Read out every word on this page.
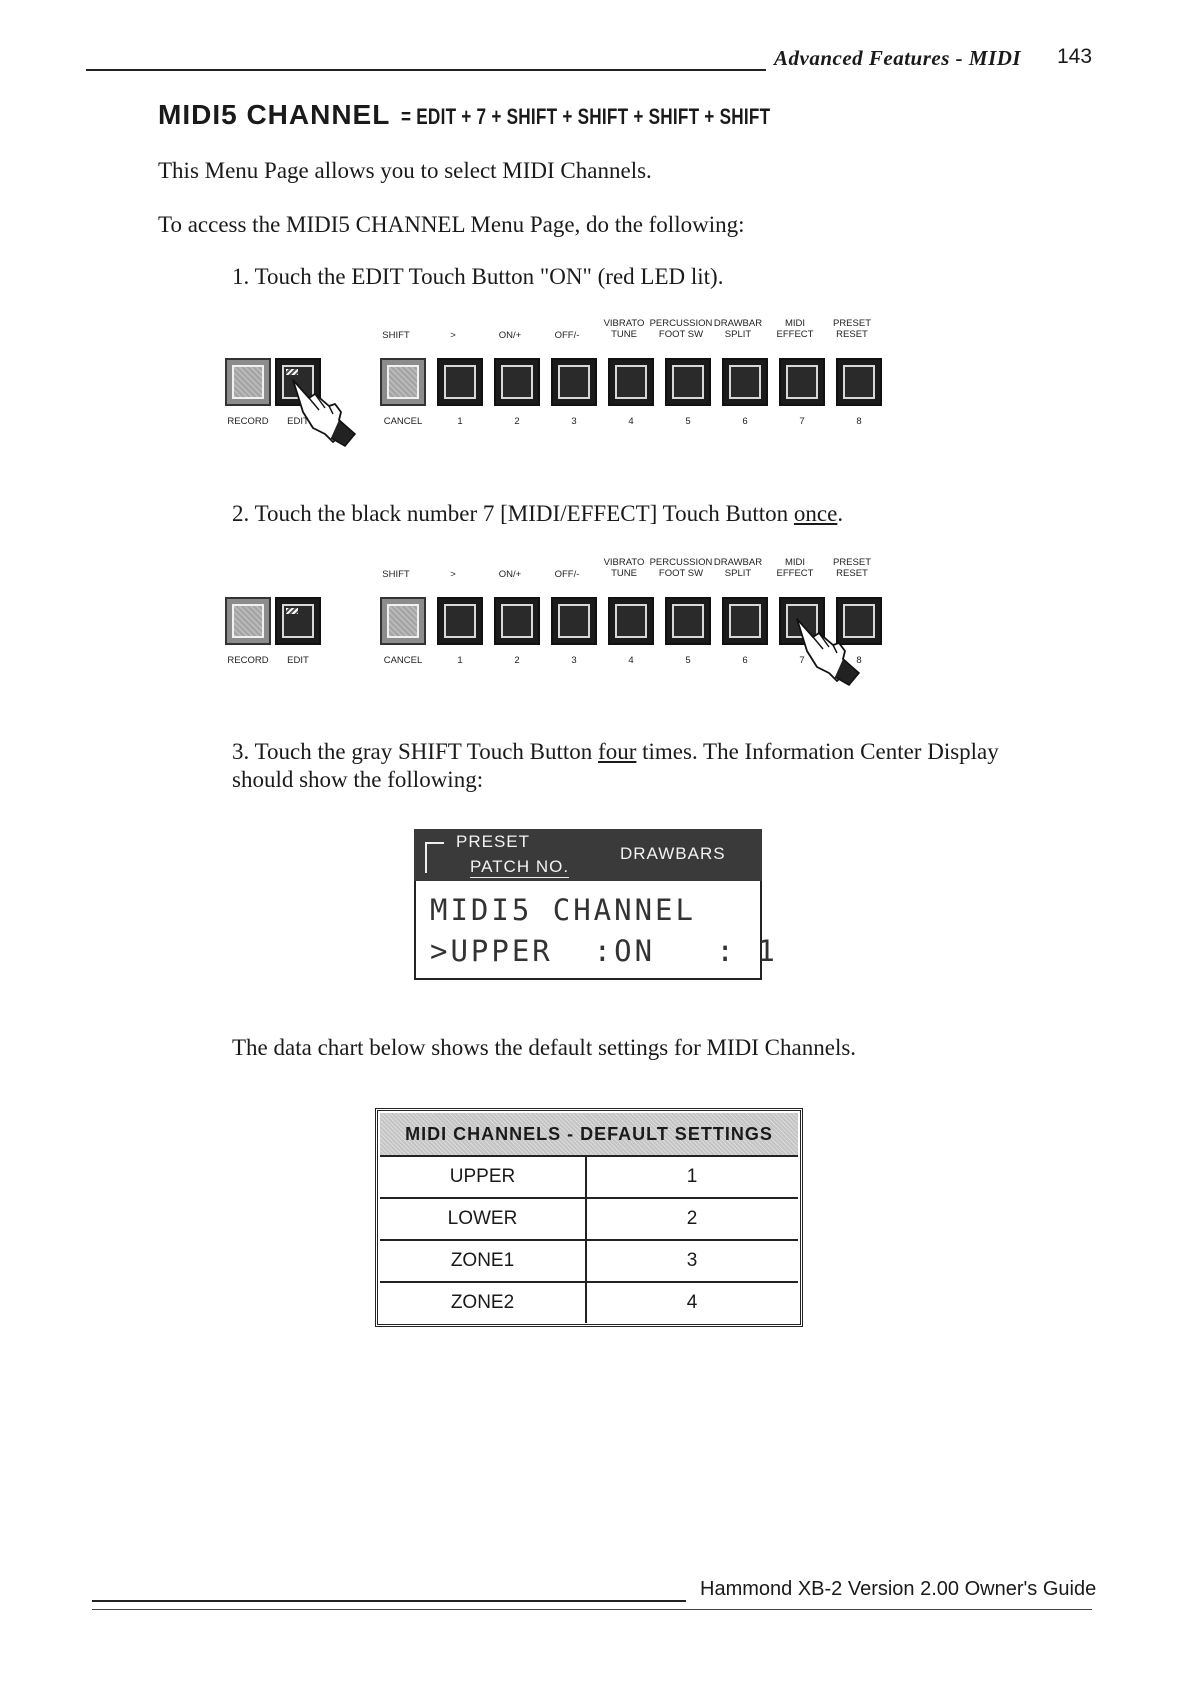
Advanced Features - MIDI 143
MIDI5 CHANNEL = EDIT + 7 + SHIFT + SHIFT + SHIFT + SHIFT
This Menu Page allows you to select MIDI Channels.
To access the MIDI5 CHANNEL Menu Page, do the following:
1. Touch the EDIT Touch Button "ON" (red LED lit).
SHIFT	>	ON/+	OFF/-
VIBRATO
TUNE
PERCUSSION
FOOT SW
DRAWBAR
SPLIT
MIDI
EFFECT
PRESET
RESET
RECORD	EDIT	CANCEL	1	2	3	4	5	6	7	8
2. Touch the black number 7 [MIDI/EFFECT] Touch Button once.
SHIFT	>	ON/+	OFF/-
VIBRATO
TUNE
PERCUSSION
FOOT SW
DRAWBAR
SPLIT
MIDI
EFFECT
PRESET
RESET
RECORD	EDIT	CANCEL	1	2	3	4	5	6	7	8
3. Touch the gray SHIFT Touch Button four times. The Information Center Display
should show the following:
PRESET
PATCH NO.
DRAWBARS
MIDI5 CHANNEL
>UPPER  :ON   : 1
The data chart below shows the default settings for MIDI Channels.
MIDI CHANNELS - DEFAULT SETTINGS
UPPER	1
LOWER	2
ZONE1	3
ZONE2	4
Hammond XB-2 Version 2.00 Owner's Guide
